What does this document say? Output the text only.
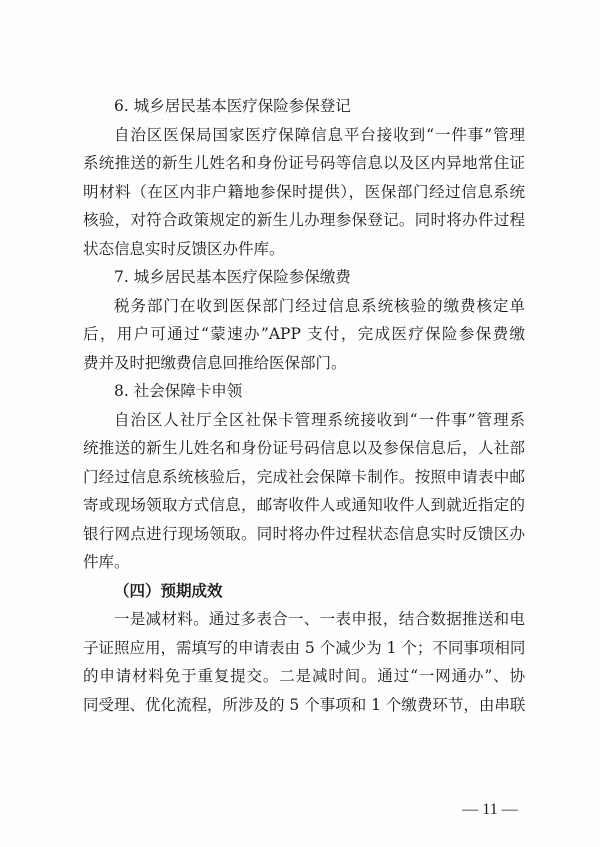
6. 城乡居民基本医疗保险参保登记
自治区医保局国家医疗保障信息平台接收到“一件事”管理
系统推送的新生儿姓名和身份证号码等信息以及区内异地常住证
明材料（在区内非户籍地参保时提供），医保部门经过信息系统
核验，对符合政策规定的新生儿办理参保登记。同时将办件过程
状态信息实时反馈区办件库。
7. 城乡居民基本医疗保险参保缴费
税务部门在收到医保部门经过信息系统核验的缴费核定单
后，用户可通过“蒙速办”APP 支付，完成医疗保险参保费缴
费并及时把缴费信息回推给医保部门。
8. 社会保障卡申领
自治区人社厅全区社保卡管理系统接收到“一件事”管理系
统推送的新生儿姓名和身份证号码信息以及参保信息后，人社部
门经过信息系统核验后，完成社会保障卡制作。按照申请表中邮
寄或现场领取方式信息，邮寄收件人或通知收件人到就近指定的
银行网点进行现场领取。同时将办件过程状态信息实时反馈区办
件库。
（四）预期成效
一是减材料。通过多表合一、一表申报，结合数据推送和电
子证照应用，需填写的申请表由 5 个减少为 1 个；不同事项相同
的申请材料免于重复提交。二是减时间。通过“一网通办”、协
同受理、优化流程，所涉及的 5 个事项和 1 个缴费环节，由串联
— 11 —
